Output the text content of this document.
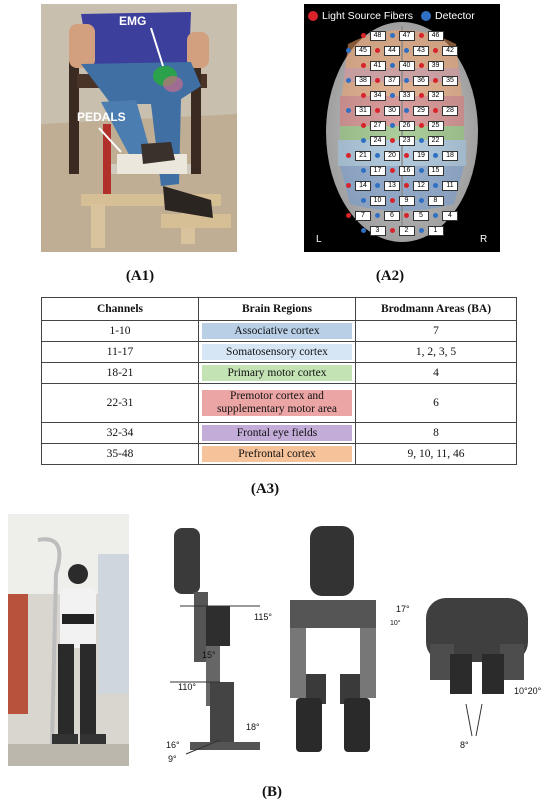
EMG
PEDALS
(A1)
Light Source Fibers Detector
48	47	46
45	44	43	42
41	40	39
38	37	36	35
34	33	32
31	30	29	28
27	26	25
24	23	22
21	20	19	18
17	16	15
14	13	12	11
10	9	8
7	6	5	4
3	2	1
L	R
(A2)
Channels	Brain Regions	Brodmann Areas (BA)
1-10	Associative cortex	7
11-17	Somatosensory cortex	1, 2, 3, 5
18-21	Primary motor cortex	4
22-31	Premotor cortex and
supplementary motor area	6
32-34	Frontal eye fields	8
35-48	Prefrontal cortex	9, 10, 11, 46
(A3)
115°
15°
110°
18°
16°
9°
17°
10°
10°20°
8°
(B)
